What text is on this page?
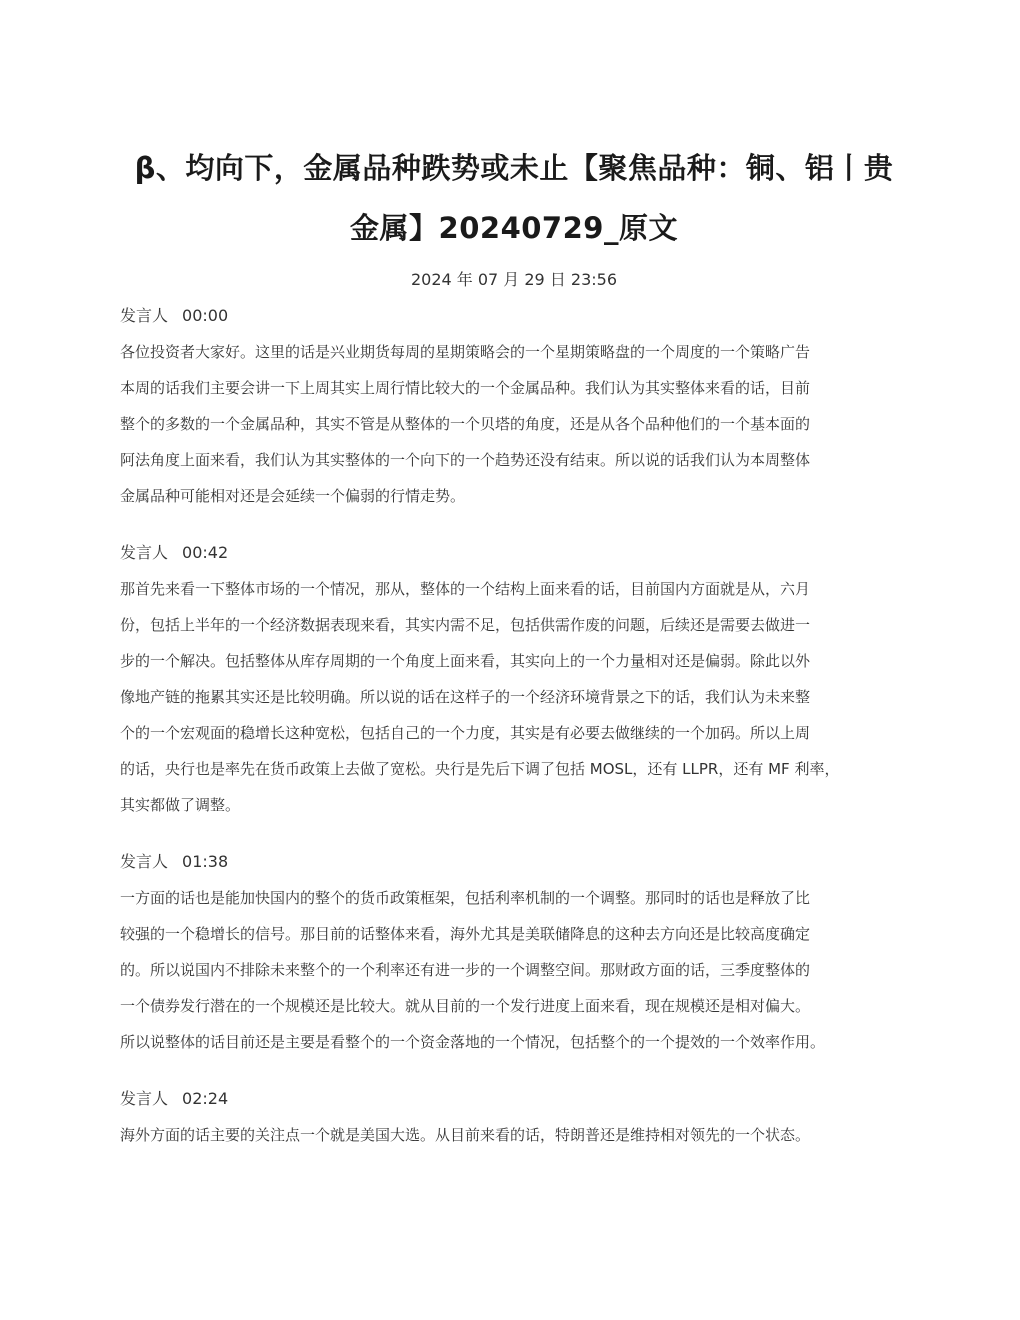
β、均向下，金属品种跌势或未止【聚焦品种：铜、铝丨贵
金属】20240729_原文
2024 年 07 月 29 日 23:56
发言人 00:00
各位投资者大家好。这里的话是兴业期货每周的星期策略会的一个星期策略盘的一个周度的一个策略广告
本周的话我们主要会讲一下上周其实上周行情比较大的一个金属品种。我们认为其实整体来看的话，目前
整个的多数的一个金属品种，其实不管是从整体的一个贝塔的角度，还是从各个品种他们的一个基本面的
阿法角度上面来看，我们认为其实整体的一个向下的一个趋势还没有结束。所以说的话我们认为本周整体
金属品种可能相对还是会延续一个偏弱的行情走势。
发言人 00:42
那首先来看一下整体市场的一个情况，那从，整体的一个结构上面来看的话，目前国内方面就是从，六月
份，包括上半年的一个经济数据表现来看，其实内需不足，包括供需作废的问题，后续还是需要去做进一
步的一个解决。包括整体从库存周期的一个角度上面来看，其实向上的一个力量相对还是偏弱。除此以外
像地产链的拖累其实还是比较明确。所以说的话在这样子的一个经济环境背景之下的话，我们认为未来整
个的一个宏观面的稳增长这种宽松，包括自己的一个力度，其实是有必要去做继续的一个加码。所以上周
的话，央行也是率先在货币政策上去做了宽松。央行是先后下调了包括 MOSL，还有 LLPR，还有 MF 利率，
其实都做了调整。
发言人 01:38
一方面的话也是能加快国内的整个的货币政策框架，包括利率机制的一个调整。那同时的话也是释放了比
较强的一个稳增长的信号。那目前的话整体来看，海外尤其是美联储降息的这种去方向还是比较高度确定
的。所以说国内不排除未来整个的一个利率还有进一步的一个调整空间。那财政方面的话，三季度整体的
一个债券发行潜在的一个规模还是比较大。就从目前的一个发行进度上面来看，现在规模还是相对偏大。
所以说整体的话目前还是主要是看整个的一个资金落地的一个情况，包括整个的一个提效的一个效率作用。
发言人 02:24
海外方面的话主要的关注点一个就是美国大选。从目前来看的话，特朗普还是维持相对领先的一个状态。
